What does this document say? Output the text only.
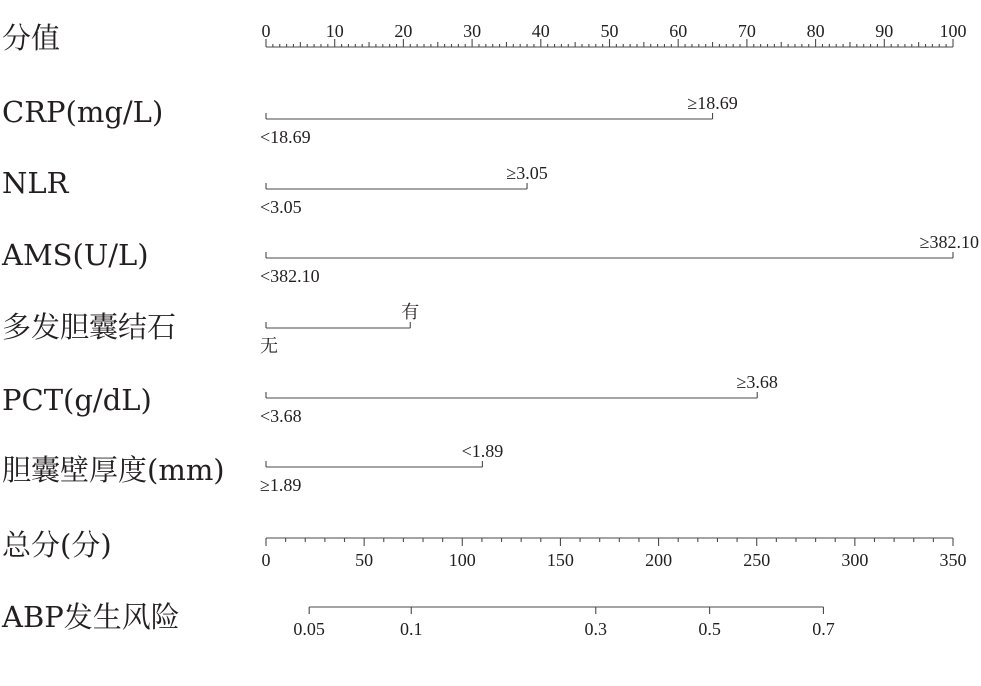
分值
CRP(mg/L)
NLR
AMS(U/L)
多发胆囊结石
PCT(g/dL)
胆囊壁厚度(mm)
总分(分)
ABP发生风险
0	10	20	30	40	50	60	70	80	90	100
<18.69
≥18.69
<3.05
≥3.05
<382.10
≥382.10
无
有
<3.68
≥3.68
≥1.89
<1.89
0	50	100	150	200	250	300	350
0.05	0.1	0.3	0.5	0.7
